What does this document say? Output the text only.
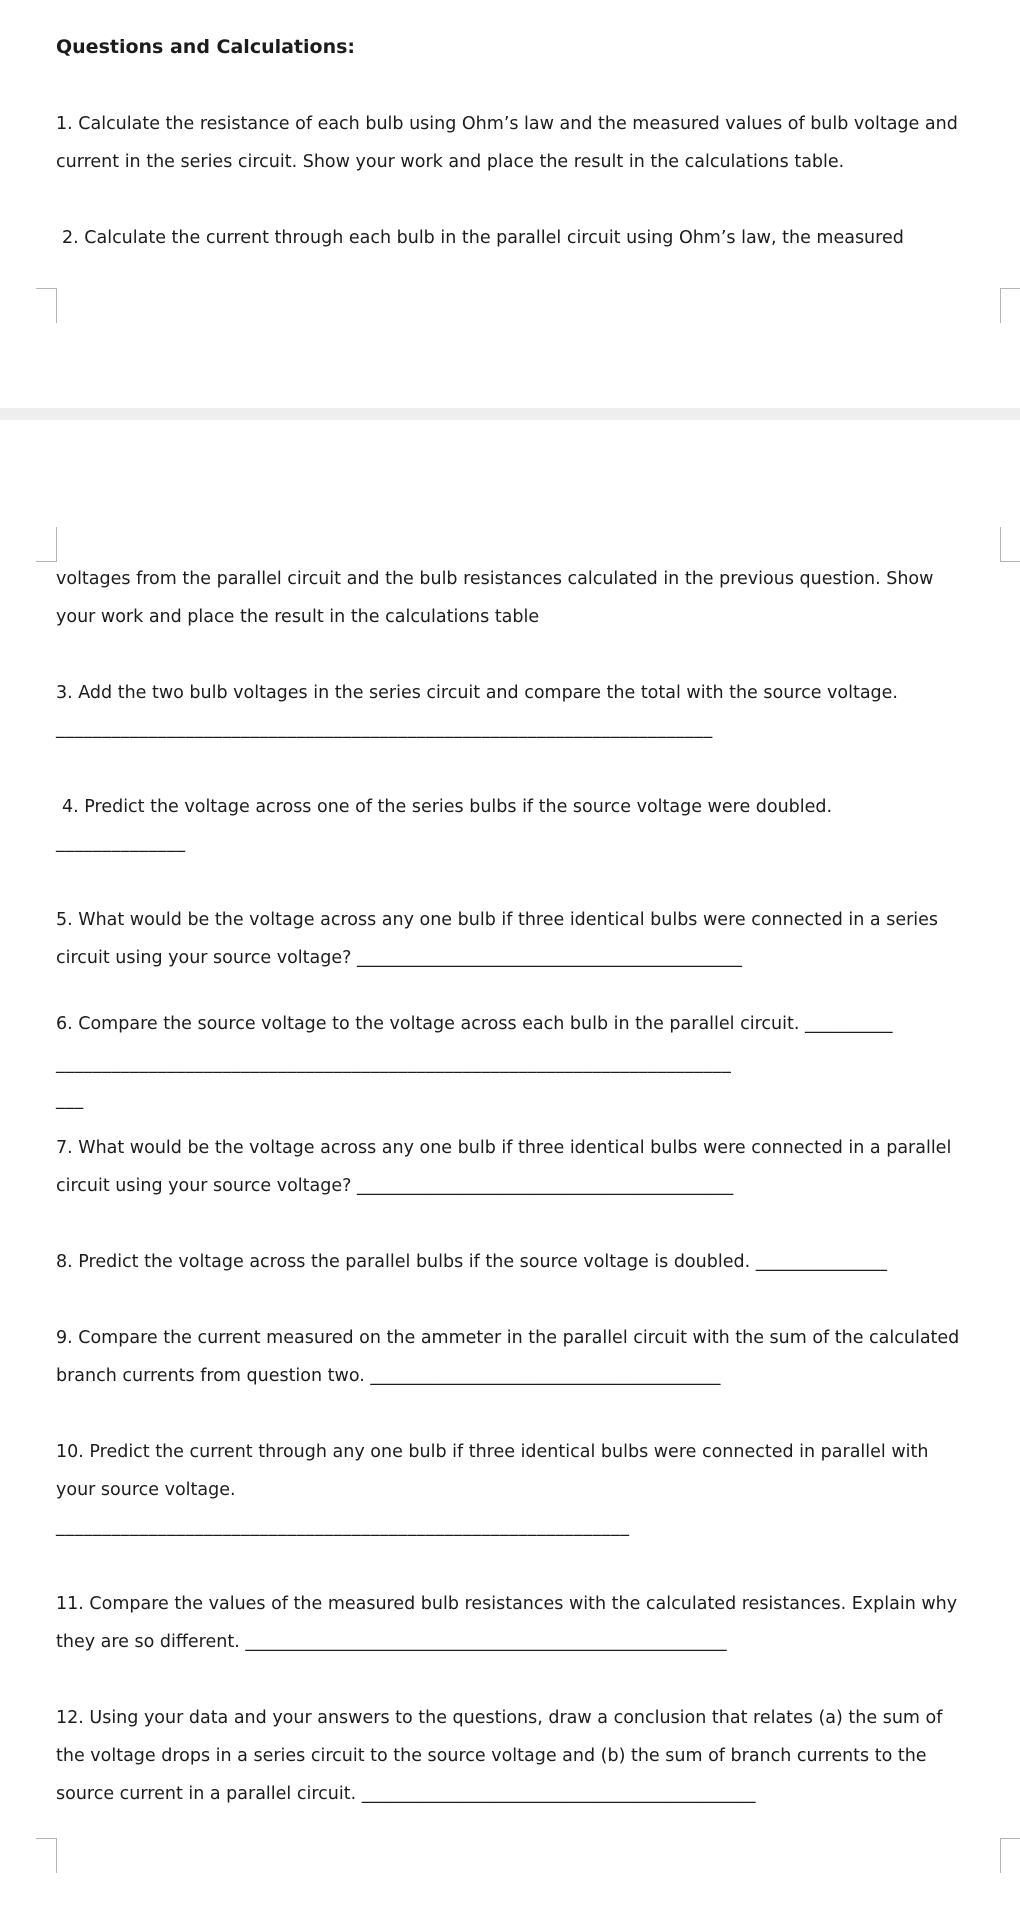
Questions and Calculations:
1. Calculate the resistance of each bulb using Ohm’s law and the measured values of bulb voltage and
current in the series circuit. Show your work and place the result in the calculations table.
2. Calculate the current through each bulb in the parallel circuit using Ohm’s law, the measured
voltages from the parallel circuit and the bulb resistances calculated in the previous question. Show
your work and place the result in the calculations table
3. Add the two bulb voltages in the series circuit and compare the total with the source voltage.
_______________________________________________________________________
4. Predict the voltage across one of the series bulbs if the source voltage were doubled.
______________
5. What would be the voltage across any one bulb if three identical bulbs were connected in a series
circuit using your source voltage? ____________________________________________
6. Compare the source voltage to the voltage across each bulb in the parallel circuit. __________
_________________________________________________________________________
___
7. What would be the voltage across any one bulb if three identical bulbs were connected in a parallel
circuit using your source voltage? ___________________________________________
8. Predict the voltage across the parallel bulbs if the source voltage is doubled. _______________
9. Compare the current measured on the ammeter in the parallel circuit with the sum of the calculated
branch currents from question two. ________________________________________
10. Predict the current through any one bulb if three identical bulbs were connected in parallel with
your source voltage.
______________________________________________________________
11. Compare the values of the measured bulb resistances with the calculated resistances. Explain why
they are so different. _______________________________________________________
12. Using your data and your answers to the questions, draw a conclusion that relates (a) the sum of
the voltage drops in a series circuit to the source voltage and (b) the sum of branch currents to the
source current in a parallel circuit. _____________________________________________
